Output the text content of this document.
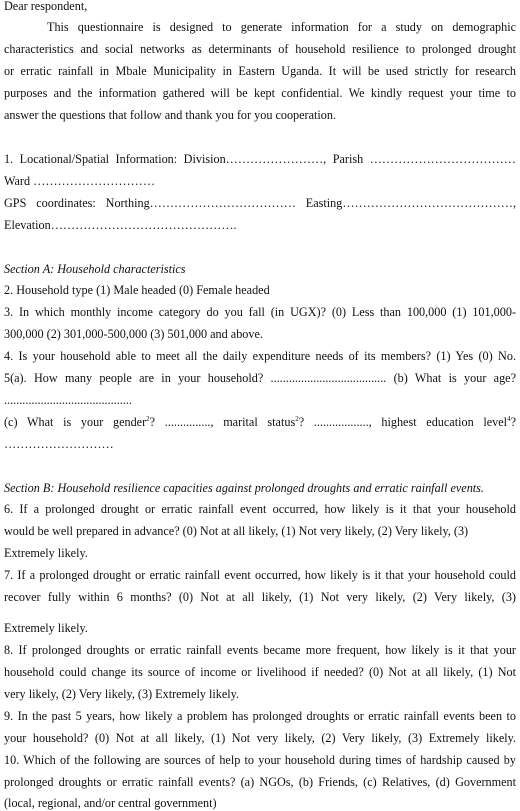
Dear respondent,
This questionnaire is designed to generate information for a study on demographic
characteristics and social networks as determinants of household resilience to prolonged drought
or erratic rainfall in Mbale Municipality in Eastern Uganda. It will be used strictly for research
purposes and the information gathered will be kept confidential. We kindly request your time to
answer the questions that follow and thank you for you cooperation.
1. Locational/Spatial Information: Division……………………, Parish ………………………………
Ward …………………………
GPS coordinates: Northing……………………………… Easting……………………………………,
Elevation……………………………………….
Section A: Household characteristics
2. Household type (1) Male headed (0) Female headed
3. In which monthly income category do you fall (in UGX)? (0) Less than 100,000 (1) 101,000-
300,000 (2) 301,000-500,000 (3) 501,000 and above.
4. Is your household able to meet all the daily expenditure needs of its members? (1) Yes (0) No.
5(a). How many people are in your household? ...................................... (b) What is your age?
..........................................
(c) What is your gender$^2$? ..............., marital status$^2$? .................., highest education level$^4$?
………………………
Section B: Household resilience capacities against prolonged droughts and erratic rainfall events.
6. If a prolonged drought or erratic rainfall event occurred, how likely is it that your household
would be well prepared in advance? (0) Not at all likely, (1) Not very likely, (2) Very likely, (3)
Extremely likely.
7. If a prolonged drought or erratic rainfall event occurred, how likely is it that your household could
recover fully within 6 months? (0) Not at all likely, (1) Not very likely, (2) Very likely, (3)
Extremely likely.
8. If prolonged droughts or erratic rainfall events became more frequent, how likely is it that your
household could change its source of income or livelihood if needed? (0) Not at all likely, (1) Not
very likely, (2) Very likely, (3) Extremely likely.
9. In the past 5 years, how likely a problem has prolonged droughts or erratic rainfall events been to
your household? (0) Not at all likely, (1) Not very likely, (2) Very likely, (3) Extremely likely.
10. Which of the following are sources of help to your household during times of hardship caused by
prolonged droughts or erratic rainfall events? (a) NGOs, (b) Friends, (c) Relatives, (d) Government
(local, regional, and/or central government)
